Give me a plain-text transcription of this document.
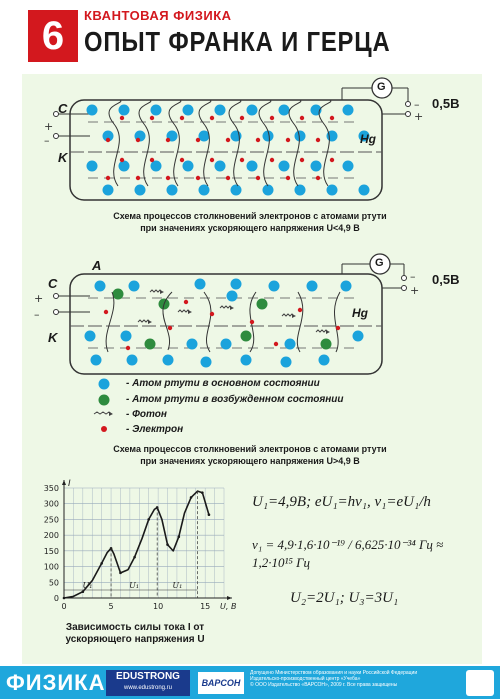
6	КВАНТОВАЯ ФИЗИКА
ОПЫТ ФРАНКА И ГЕРЦА
+
–
–
+
C
K
Hg
G
0,5В
Схема процессов столкновений электронов с атомами ртути
при значениях ускоряющего напряжения U<4,9 В
+
–
–
+
A
C
K
Hg
G
0,5В
- Атом ртути в основном состоянии
- Атом ртути в возбужденном состоянии
- Фотон
- Электрон
Схема процессов столкновений электронов с атомами ртути
при значениях ускоряющего напряжения U>4,9 В
0
50
100
150
200
250
300
350
0	5	10	15 U, В
I
U₁	U₁	U₁
Зависимость силы тока I от ускоряющего напряжения U
U₁=4,9В; eU₁=hν₁, ν₁=eU₁/h
ν₁ = 4,9·1,6·10⁻¹⁹ / 6,625·10⁻³⁴ Гц ≈ 1,2·10¹⁵ Гц
U₂=2U₁; U₃=3U₁
ФИЗИКА	EDUSTRONG
www.edustrong.ru	ВАРСОН
Допущено Министерством образования и науки Российской Федерации
Издательско-производственный центр «Учеба»
© ООО Издательство «ВАРСОН», 2009 г. Все права защищены
